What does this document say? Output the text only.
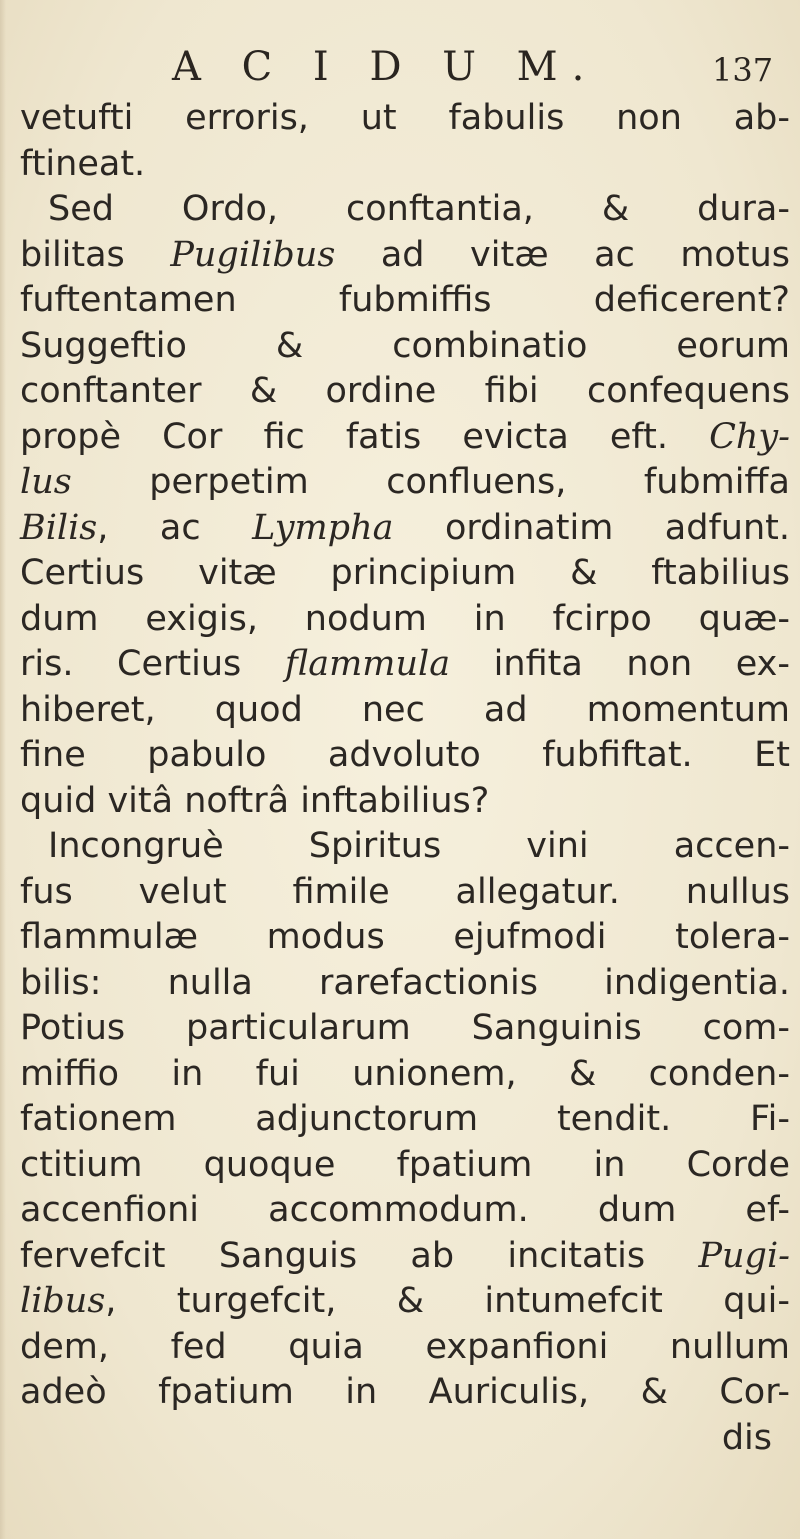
A C I D U M.	137
vetufti erroris, ut fabulis non ab-
ftineat.
Sed Ordo, conftantia, & dura-
bilitas Pugilibus ad vitæ ac motus
fuftentamen fubmiffis deficerent?
Suggeftio & combinatio eorum
conftanter & ordine fibi confequens
propè Cor fic fatis evicta eft. Chy-
lus perpetim confluens, fubmiffa
Bilis, ac Lympha ordinatim adfunt.
Certius vitæ principium & ftabilius
dum exigis, nodum in fcirpo quæ-
ris. Certius flammula infita non ex-
hiberet, quod nec ad momentum
fine pabulo advoluto fubfiftat. Et
quid vitâ noftrâ inftabilius?
Incongruè Spiritus vini accen-
fus velut fimile allegatur. nullus
flammulæ modus ejufmodi tolera-
bilis: nulla rarefactionis indigentia.
Potius particularum Sanguinis com-
miffio in fui unionem, & conden-
fationem adjunctorum tendit. Fi-
ctitium quoque fpatium in Corde
accenfioni accommodum. dum ef-
fervefcit Sanguis ab incitatis Pugi-
libus, turgefcit, & intumefcit qui-
dem, fed quia expanfioni nullum
adeò fpatium in Auriculis, & Cor-
dis
